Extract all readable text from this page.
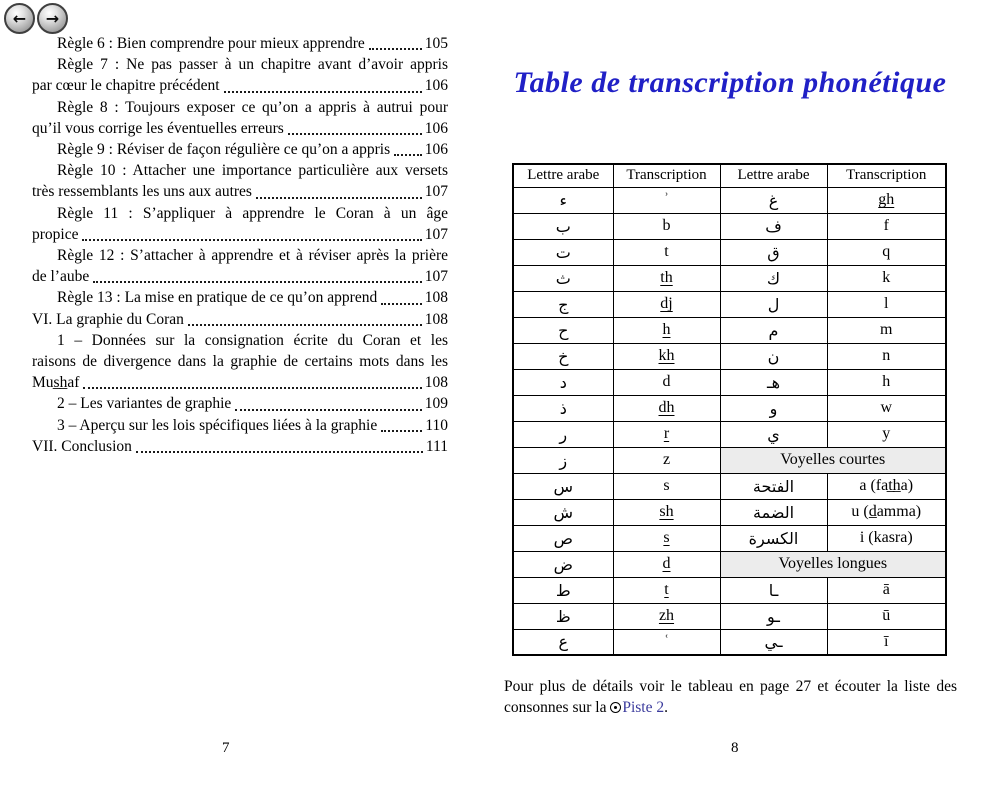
← →
Règle 6 : Bien comprendre pour mieux apprendre	105
Règle 7 : Ne pas passer à un chapitre avant d’avoir appris
par cœur le chapitre précédent	106
Règle 8 : Toujours exposer ce qu’on a appris à autrui pour
qu’il vous corrige les éventuelles erreurs	106
Règle 9 : Réviser de façon régulière ce qu’on a appris 106
Règle 10 : Attacher une importance particulière aux versets
très ressemblants les uns aux autres	107
Règle 11 : S’appliquer à apprendre le Coran à un âge
propice	107
Règle 12 : S’attacher à apprendre et à réviser après la prière
de l’aube	107
Règle 13 : La mise en pratique de ce qu’on apprend	108
VI. La graphie du Coran	108
1 – Données sur la consignation écrite du Coran et les
raisons de divergence dans la graphie de certains mots dans les
Mus̲h̲af	108
2 – Les variantes de graphie	109
3 – Aperçu sur les lois spécifiques liées à la graphie	110
VII. Conclusion	111
Table de transcription phonétique
Lettre arabe	Transcription	Lettre arabe	Transcription
ء	ʾ	غ	gh
ب	b	ف	f
ت	t	ق	q
ث	th	ك	k
ج	dj	ل	l
ح	h	م	m
خ	kh	ن	n
د	d	هـ	h
ذ	dh	و	w
ر	r	ي	y
ز	z	Voyelles courtes	
س	s	الفتحة	a (fat̲h̲a)
ش	sh	الضمة	u (d̲amma)
ص	s	الكسرة	i (kasra)
ض	d	Voyelles longues	
ط	t	ـا	ā
ظ	zh	ـو	ū
ع	ʿ	ـي	ī
Pour plus de détails voir le tableau en page 27 et écouter la liste des
consonnes sur la Piste 2.
7	8
